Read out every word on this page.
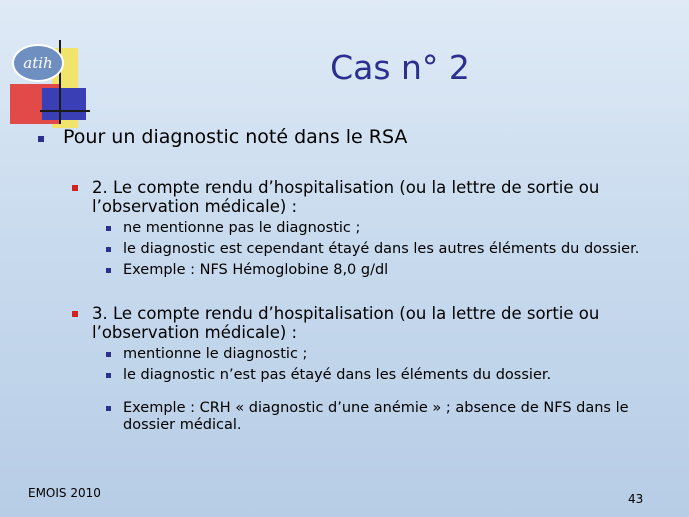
atih	Cas n° 2
Pour un diagnostic noté dans le RSA
2. Le compte rendu d’hospitalisation (ou la lettre de sortie ou l’observation médicale) :
ne mentionne pas le diagnostic ;
le diagnostic est cependant étayé dans les autres éléments du dossier.
Exemple : NFS Hémoglobine 8,0 g/dl
3. Le compte rendu d’hospitalisation (ou la lettre de sortie ou l’observation médicale) :
mentionne le diagnostic ;
le diagnostic n’est pas étayé dans les éléments du dossier.
Exemple : CRH « diagnostic d’une anémie » ; absence de NFS dans le dossier médical.
EMOIS 2010	43
